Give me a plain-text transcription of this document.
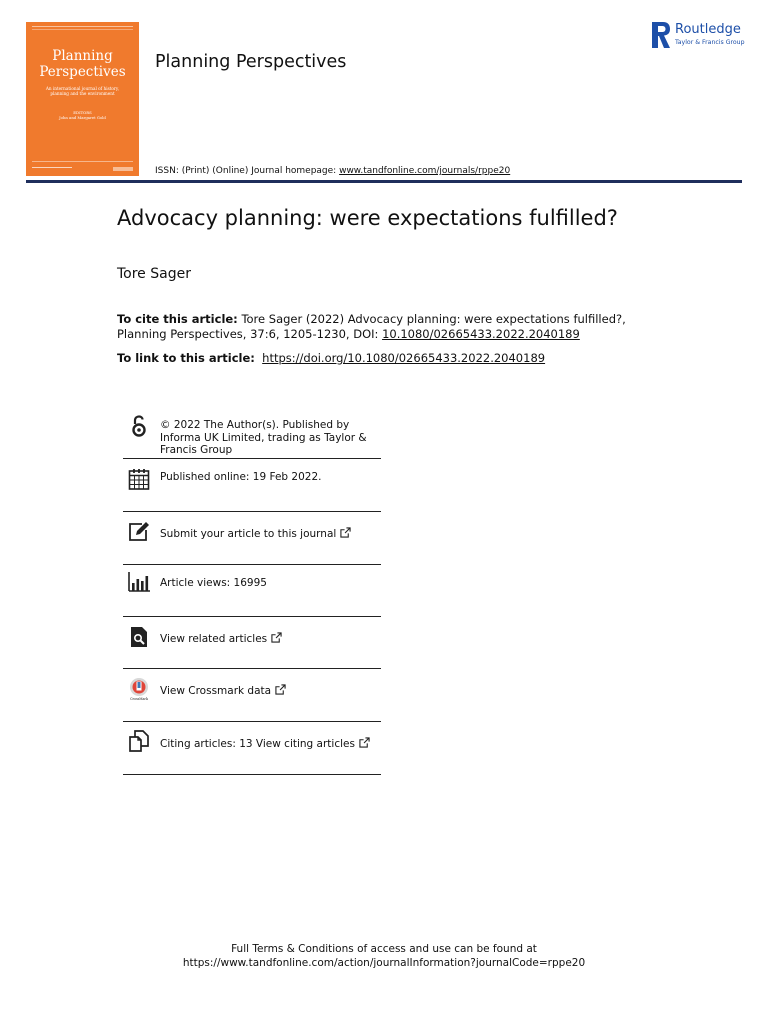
Planning Perspectives
An international journal of history, planning and the environment
EDITORS
John and Margaret Gold
Planning Perspectives
Routledge
Taylor & Francis Group
ISSN: (Print) (Online) Journal homepage: www.tandfonline.com/journals/rppe20
Advocacy planning: were expectations fulfilled?
Tore Sager
To cite this article: Tore Sager (2022) Advocacy planning: were expectations fulfilled?, Planning Perspectives, 37:6, 1205-1230, DOI: 10.1080/02665433.2022.2040189
To link to this article: https://doi.org/10.1080/02665433.2022.2040189
© 2022 The Author(s). Published by Informa UK Limited, trading as Taylor & Francis Group
Published online: 19 Feb 2022.
Submit your article to this journal
Article views: 16995
View related articles
CrossMark
View Crossmark data
Citing articles: 13 View citing articles
Full Terms & Conditions of access and use can be found at
https://www.tandfonline.com/action/journalInformation?journalCode=rppe20
